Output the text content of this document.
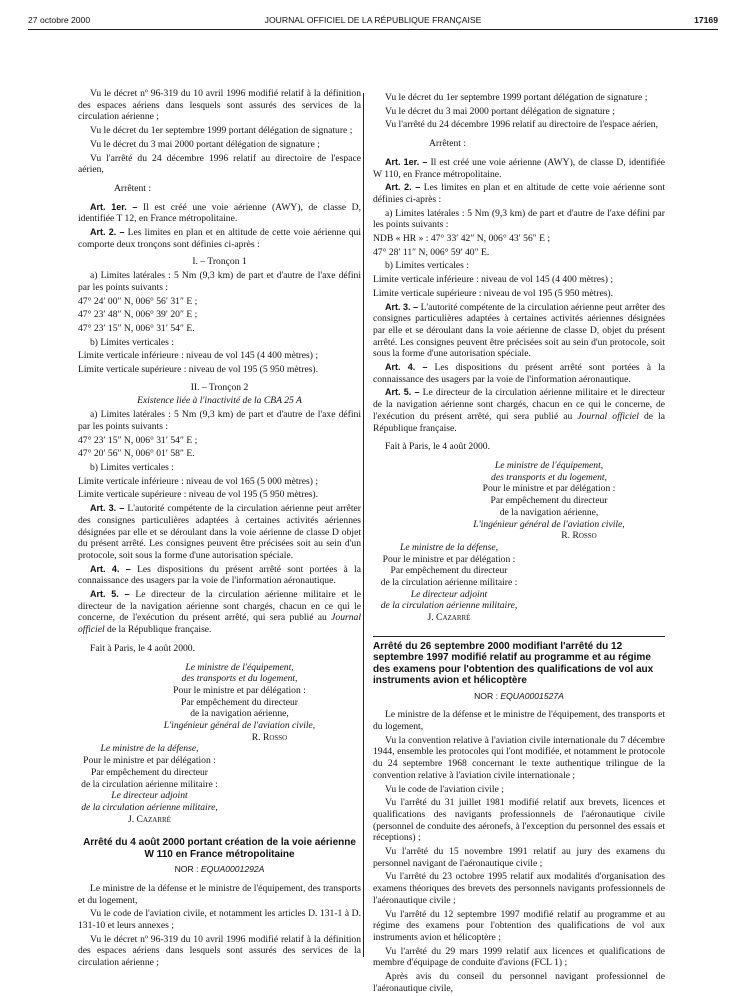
27 octobre 2000	JOURNAL OFFICIEL DE LA RÉPUBLIQUE FRANÇAISE	17169

Vu le décret nº 96-319 du 10 avril 1996 modifié relatif à la définition des espaces aériens dans lesquels sont assurés des services de la circulation aérienne ;

Vu le décret du 1er septembre 1999 portant délégation de signature ;

Vu le décret du 3 mai 2000 portant délégation de signature ;

Vu l'arrêté du 24 décembre 1996 relatif au directoire de l'espace aérien,

Arrêtent :

Art. 1er. – Il est créé une voie aérienne (AWY), de classe D, identifiée T 12, en France métropolitaine.

Art. 2. – Les limites en plan et en altitude de cette voie aérienne qui comporte deux tronçons sont définies ci-après :

I. – Tronçon 1

a) Limites latérales : 5 Nm (9,3 km) de part et d'autre de l'axe défini par les points suivants :

47° 24′ 00″ N, 006° 56′ 31″ E ;

47° 23′ 48″ N, 006° 39′ 20″ E ;

47° 23′ 15″ N, 006° 31′ 54″ E.

b) Limites verticales :

Limite verticale inférieure : niveau de vol 145 (4 400 mètres) ;

Limite verticale supérieure : niveau de vol 195 (5 950 mètres).

II. – Tronçon 2

Existence liée à l'inactivité de la CBA 25 A

a) Limites latérales : 5 Nm (9,3 km) de part et d'autre de l'axe défini par les points suivants :

47° 23′ 15″ N, 006° 31′ 54″ E ;

47° 20′ 56″ N, 006° 01′ 58″ E.

b) Limites verticales :

Limite verticale inférieure : niveau de vol 165 (5 000 mètres) ;

Limite verticale supérieure : niveau de vol 195 (5 950 mètres).

Art. 3. – L'autorité compétente de la circulation aérienne peut arrêter des consignes particulières adaptées à certaines activités aériennes désignées par elle et se déroulant dans la voie aérienne de classe D objet du présent arrêté. Les consignes peuvent être précisées soit au sein d'un protocole, soit sous la forme d'une autorisation spéciale.

Art. 4. – Les dispositions du présent arrêté sont portées à la connaissance des usagers par la voie de l'information aéronautique.

Art. 5. – Le directeur de la circulation aérienne militaire et le directeur de la navigation aérienne sont chargés, chacun en ce qui le concerne, de l'exécution du présent arrêté, qui sera publié au Journal officiel de la République française.

Fait à Paris, le 4 août 2000.

Le ministre de l'équipement,

des transports et du logement,

Pour le ministre et par délégation :

Par empêchement du directeur

de la navigation aérienne,

L'ingénieur général de l'aviation civile,

R. Rosso

Le ministre de la défense,

Pour le ministre et par délégation :

Par empêchement du directeur

de la circulation aérienne militaire :

Le directeur adjoint

de la circulation aérienne militaire,

J. Cazarré

Arrêté du 4 août 2000 portant création de la voie aérienne W 110 en France métropolitaine
NOR : EQUA0001292A

Le ministre de la défense et le ministre de l'équipement, des transports et du logement,

Vu le code de l'aviation civile, et notamment les articles D. 131-1 à D. 131-10 et leurs annexes ;

Vu le décret nº 96-319 du 10 avril 1996 modifié relatif à la définition des espaces aériens dans lesquels sont assurés des services de la circulation aérienne ;

Vu le décret du 1er septembre 1999 portant délégation de signature ;

Vu le décret du 3 mai 2000 portant délégation de signature ;

Vu l'arrêté du 24 décembre 1996 relatif au directoire de l'espace aérien,

Arrêtent :

Art. 1er. – Il est créé une voie aérienne (AWY), de classe D, identifiée W 110, en France métropolitaine.

Art. 2. – Les limites en plan et en altitude de cette voie aérienne sont définies ci-après :

a) Limites latérales : 5 Nm (9,3 km) de part et d'autre de l'axe défini par les points suivants :

NDB « HR » : 47° 33′ 42″ N, 006° 43′ 56″ E ;

47° 28′ 11″ N, 006° 59′ 40″ E.

b) Limites verticales :

Limite verticale inférieure : niveau de vol 145 (4 400 mètres) ;

Limite verticale supérieure : niveau de vol 195 (5 950 mètres).

Art. 3. – L'autorité compétente de la circulation aérienne peut arrêter des consignes particulières adaptées à certaines activités aériennes désignées par elle et se déroulant dans la voie aérienne de classe D, objet du présent arrêté. Les consignes peuvent être précisées soit au sein d'un protocole, soit sous la forme d'une autorisation spéciale.

Art. 4. – Les dispositions du présent arrêté sont portées à la connaissance des usagers par la voie de l'information aéronautique.

Art. 5. – Le directeur de la circulation aérienne militaire et le directeur de la navigation aérienne sont chargés, chacun en ce qui le concerne, de l'exécution du présent arrêté, qui sera publié au Journal officiel de la République française.

Fait à Paris, le 4 août 2000.

Le ministre de l'équipement,

des transports et du logement,

Pour le ministre et par délégation :

Par empêchement du directeur

de la navigation aérienne,

L'ingénieur général de l'aviation civile,

R. Rosso

Le ministre de la défense,

Pour le ministre et par délégation :

Par empêchement du directeur

de la circulation aérienne militaire :

Le directeur adjoint

de la circulation aérienne militaire,

J. Cazarré

Arrêté du 26 septembre 2000 modifiant l'arrêté du 12 septembre 1997 modifié relatif au programme et au régime des examens pour l'obtention des qualifications de vol aux instruments avion et hélicoptère
NOR : EQUA0001527A

Le ministre de la défense et le ministre de l'équipement, des transports et du logement,

Vu la convention relative à l'aviation civile internationale du 7 décembre 1944, ensemble les protocoles qui l'ont modifiée, et notamment le protocole du 24 septembre 1968 concernant le texte authentique trilingue de la convention relative à l'aviation civile internationale ;

Vu le code de l'aviation civile ;

Vu l'arrêté du 31 juillet 1981 modifié relatif aux brevets, licences et qualifications des navigants professionnels de l'aéronautique civile (personnel de conduite des aéronefs, à l'exception du personnel des essais et réceptions) ;

Vu l'arrêté du 15 novembre 1991 relatif au jury des examens du personnel navigant de l'aéronautique civile ;

Vu l'arrêté du 23 octobre 1995 relatif aux modalités d'organisation des examens théoriques des brevets des personnels navigants professionnels de l'aéronautique civile ;

Vu l'arrêté du 12 septembre 1997 modifié relatif au programme et au régime des examens pour l'obtention des qualifications de vol aux instruments avion et hélicoptère ;

Vu l'arrêté du 29 mars 1999 relatif aux licences et qualifications de membre d'équipage de conduite d'avions (FCL 1) ;

Après avis du conseil du personnel navigant professionnel de l'aéronautique civile,
